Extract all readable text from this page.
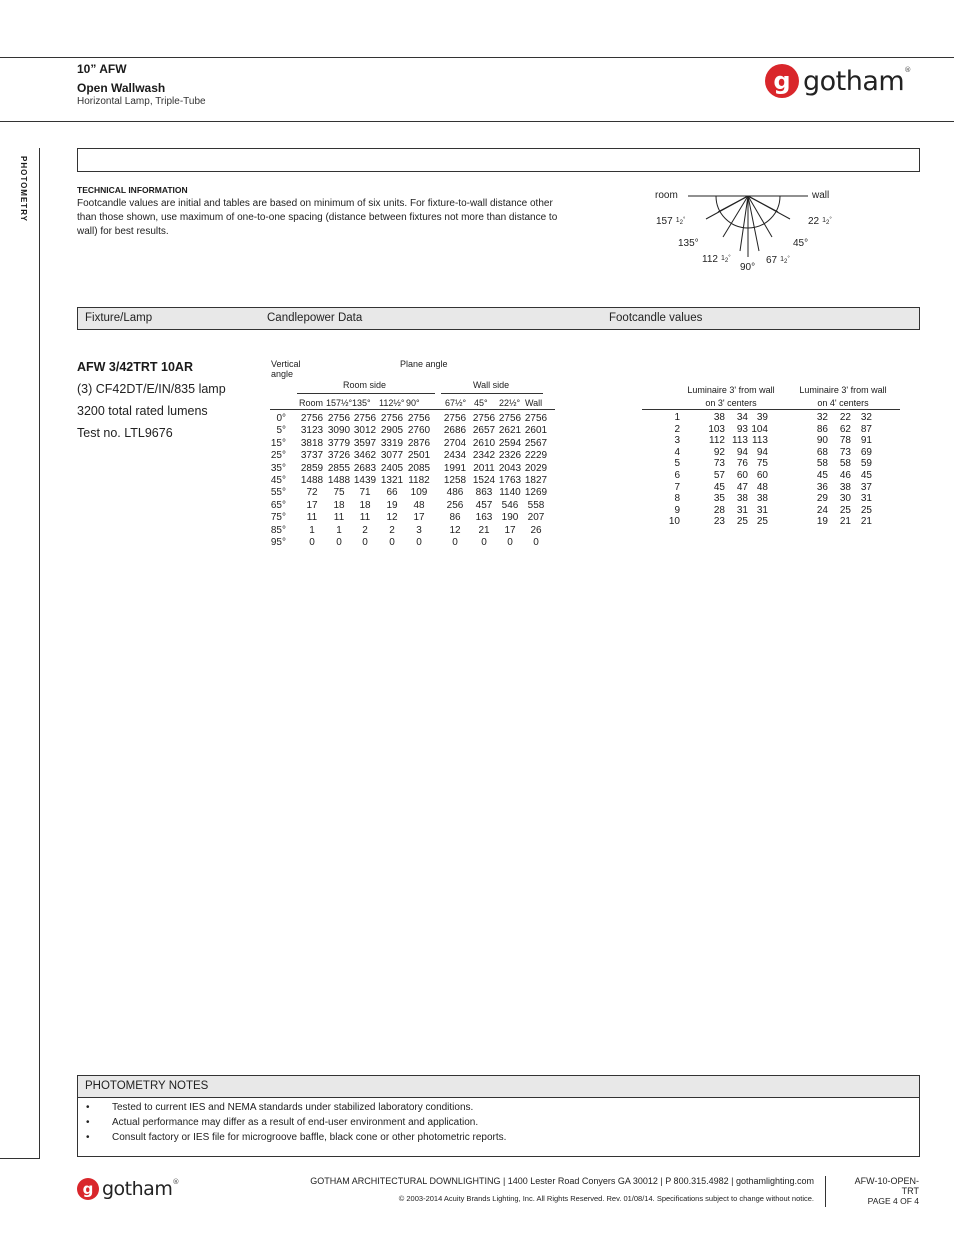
10” AFW
Open Wallwash
Horizontal Lamp, Triple-Tube
g gotham®
PHOTOMETRY	TECHNICAL INFORMATION
Footcandle values are initial and tables are based on minimum of six units. For fixture-to-wall distance other than those shown, use maximum of one-to-one spacing (distance between fixtures not more than distance to wall) for best results.
room	wall
157 $^1_2$°
135°
112 $^1_2$°
90°
67 $^1_2$°
45°
22 $^1_2$°
Fixture/Lamp	Candlepower Data	Footcandle values
AFW 3/42TRT 10AR
(3) CF42DT/E/IN/835 lamp
3200 total rated lumens
Test no. LTL9676
Vertical angle
Plane angle
Room side	Wall side
Room 157½° 135° 112½° 90°	67½° 45° 22½° Wall
0° 2756 2756 2756 2756 2756 2756 2756 2756 2756
5° 3123 3090 3012 2905 2760 2686 2657 2621 2601
15° 3818 3779 3597 3319 2876 2704 2610 2594 2567
25° 3737 3726 3462 3077 2501 2434 2342 2326 2229
35° 2859 2855 2683 2405 2085 1991 2011 2043 2029
45° 1488 1488 1439 1321 1182 1258 1524 1763 1827
55°	72	75	71	66	109	486	863 1140 1269
65°	17	18	18	19	48	256	457 546 558
75°	11	11	11	12	17	86	163 190 207
85°	1	1	2	2	3	12	21	17	26
95°	0	0	0	0	0	0	0	0	0
Luminaire 3' from wall
on 3' centers
Luminaire 3' from wall
on 4' centers
1	38	34 39	32	22 32
2	103	93 104	86	62 87
3	112 113 113	90	78 91
4	92	94 94	68	73 69
5	73	76 75	58	58 59
6	57	60 60	45	46 45
7	45	47 48	36	38 37
8	35	38 38	29	30 31
9	28	31 31	24	25 25
10	23	25 25	19	21 21
PHOTOMETRY NOTES
•	Tested to current IES and NEMA standards under stabilized laboratory conditions.
•	Actual performance may differ as a result of end-user environment and application.
•	Consult factory or IES file for microgroove baffle, black cone or other photometric reports.
g gotham®	GOTHAM ARCHITECTURAL DOWNLIGHTING | 1400 Lester Road Conyers GA 30012 | P 800.315.4982 | gothamlighting.com
© 2003-2014 Acuity Brands Lighting, Inc. All Rights Reserved. Rev. 01/08/14. Specifications subject to change without notice.
AFW-10-OPEN-TRT
PAGE 4 OF 4
